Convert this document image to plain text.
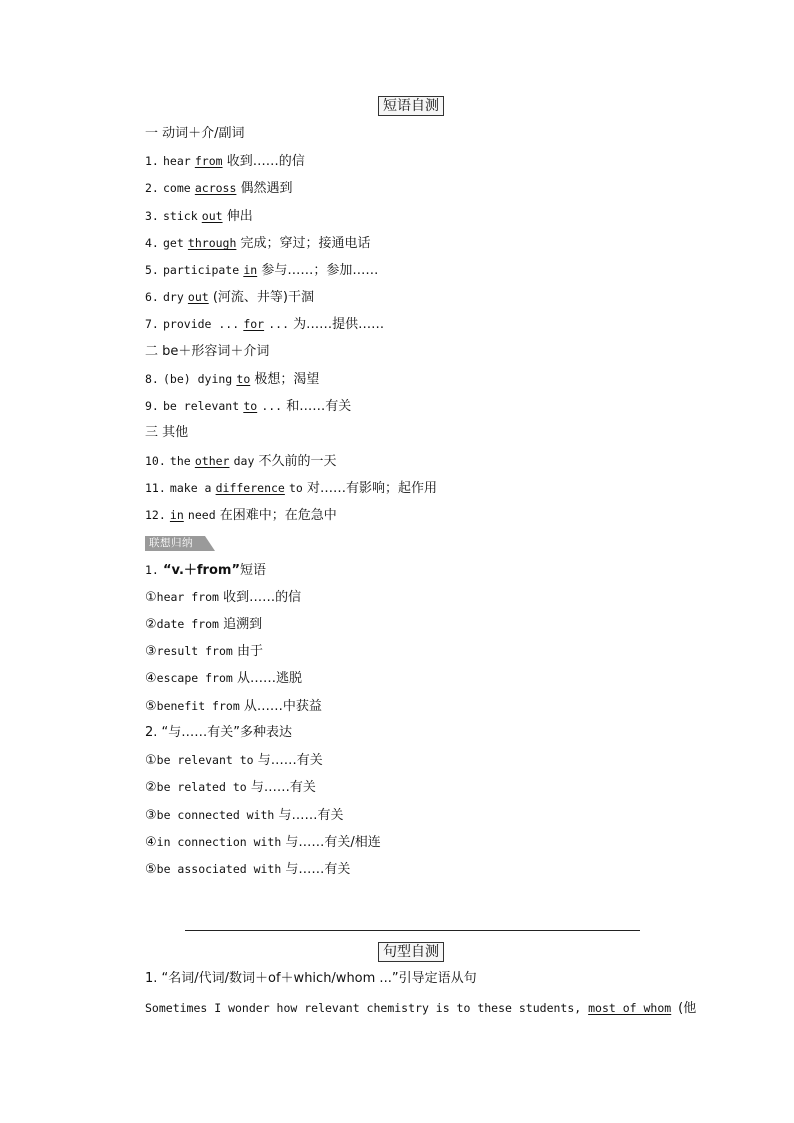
短语自测
一 动词＋介/副词
1. hear from 收到……的信
2. come across 偶然遇到
3. stick out 伸出
4. get through 完成；穿过；接通电话
5. participate in 参与……；参加……
6. dry out (河流、井等)干涸
7. provide ... for ... 为……提供……
二 be＋形容词＋介词
8. (be) dying to 极想；渴望
9. be relevant to ... 和……有关
三 其他
10. the other day 不久前的一天
11. make a difference to 对……有影响；起作用
12. in need 在困难中；在危急中
联想归纳
1. “v.＋from”短语
①hear from 收到……的信
②date from 追溯到
③result from 由于
④escape from 从……逃脱
⑤benefit from 从……中获益
2. “与……有关”多种表达
①be relevant to 与……有关
②be related to 与……有关
③be connected with 与……有关
④in connection with 与……有关/相连
⑤be associated with 与……有关
句型自测
1. “名词/代词/数词＋of＋which/whom ...”引导定语从句
Sometimes I wonder how relevant chemistry is to these students, most of whom (他
